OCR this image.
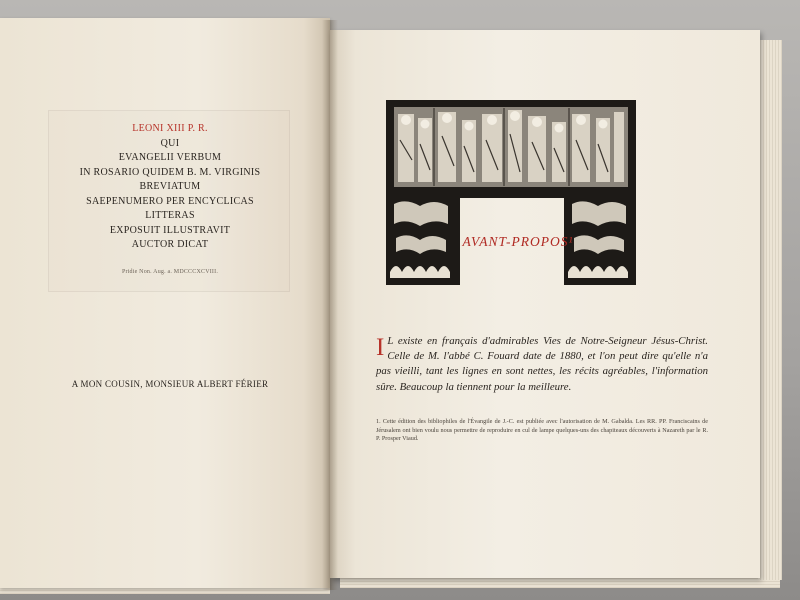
LEONI XIII P. R.
QUI
EVANGELII VERBUM
IN ROSARIO QUIDEM B. M. VIRGINIS BREVIATUM
SAEPENUMERO PER ENCYCLICAS LITTERAS
EXPOSUIT ILLUSTRAVIT
AUCTOR DICAT
Pridie Non. Aug. a. MDCCCXCVIII.
A MON COUSIN, MONSIEUR ALBERT FÉRIER
AVANT-PROPOS¹
I L existe en français d'admirables Vies de Notre-Seigneur Jésus-Christ. Celle de M. l'abbé C. Fouard date de 1880, et l'on peut dire qu'elle n'a pas vieilli, tant les lignes en sont nettes, les récits agréables, l'information sûre. Beaucoup la tiennent pour la meilleure.
1. Cette édition des bibliophiles de l'Évangile de J.-C. est publiée avec l'autorisation de M. Gabalda. Les RR. PP. Franciscains de Jérusalem ont bien voulu nous permettre de reproduire en cul de lampe quelques-uns des chapiteaux découverts à Nazareth par le R. P. Prosper Viaud.
